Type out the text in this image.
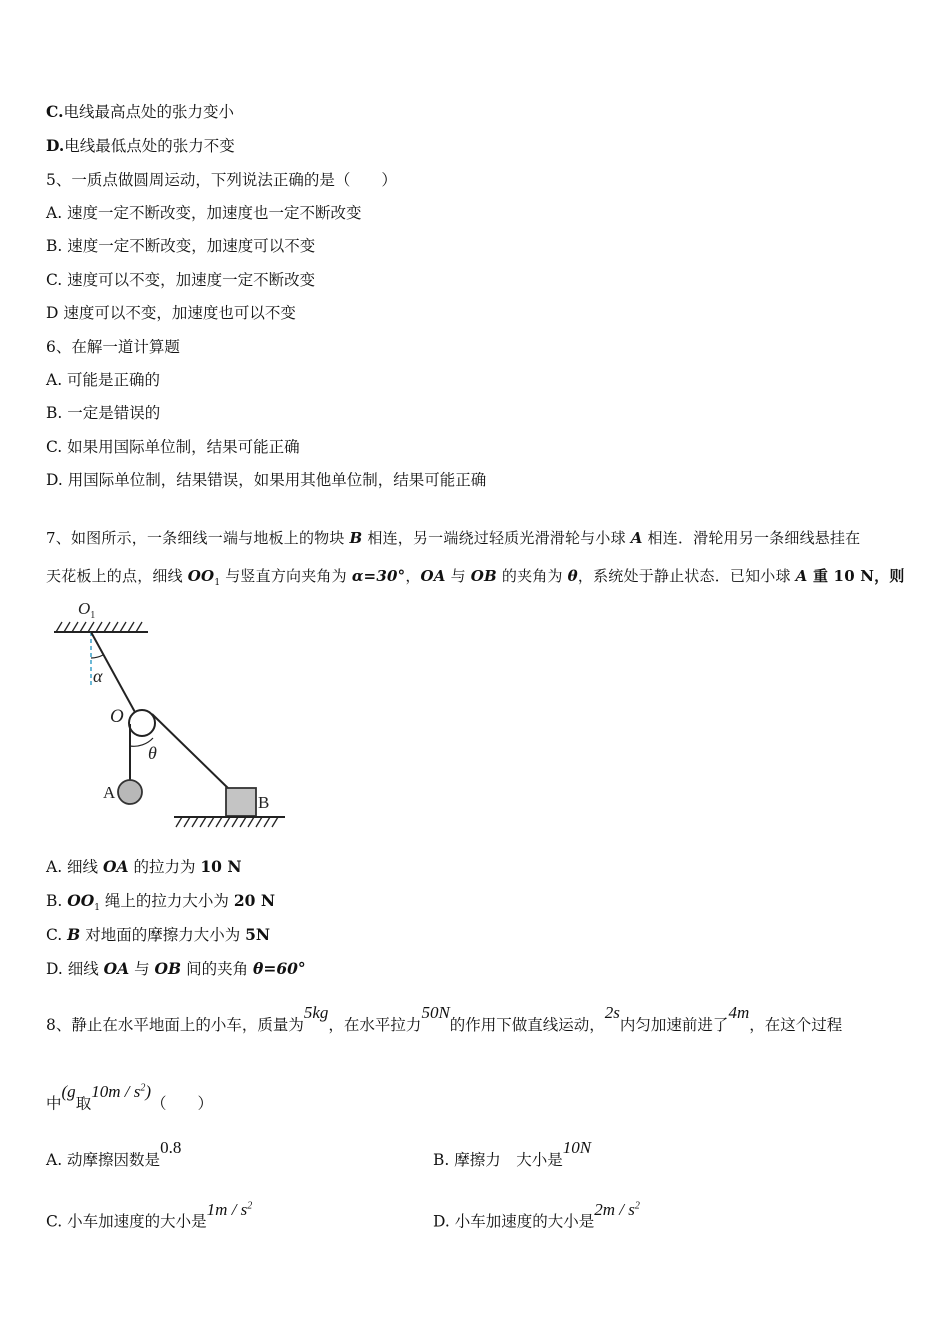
C.电线最高点处的张力变小
D.电线最低点处的张力不变
5、一质点做圆周运动，下列说法正确的是（　　）
A. 速度一定不断改变，加速度也一定不断改变
B. 速度一定不断改变，加速度可以不变
C. 速度可以不变，加速度一定不断改变
D 速度可以不变，加速度也可以不变
6、在解一道计算题
A. 可能是正确的
B. 一定是错误的
C. 如果用国际单位制，结果可能正确
D. 用国际单位制，结果错误，如果用其他单位制，结果可能正确
7、如图所示，一条细线一端与地板上的物块 B 相连，另一端绕过轻质光滑滑轮与小球 A 相连．滑轮用另一条细线悬挂在
天花板上的点，细线 $OO_1$ 与竖直方向夹角为 α=30°，OA 与 OB 的夹角为 θ，系统处于静止状态．已知小球 A 重 10 N，则
$O_1$
α
O
θ
A
B
A. 细线 OA 的拉力为 10 N
B. $OO_1$ 绳上的拉力大小为 20 N
C. B 对地面的摩擦力大小为 5N
D. 细线 OA 与 OB 间的夹角 θ=60°
8、静止在水平地面上的小车，质量为5kg，在水平拉力50N的作用下做直线运动，2s内匀加速前进了4m，在这个过程
中(g取$10m / s^2$)（　　）
A. 动摩擦因数是0.8
B. 摩擦力　大小是10N
C. 小车加速度的大小是$1m / s^2$
D. 小车加速度的大小是$2m / s^2$
